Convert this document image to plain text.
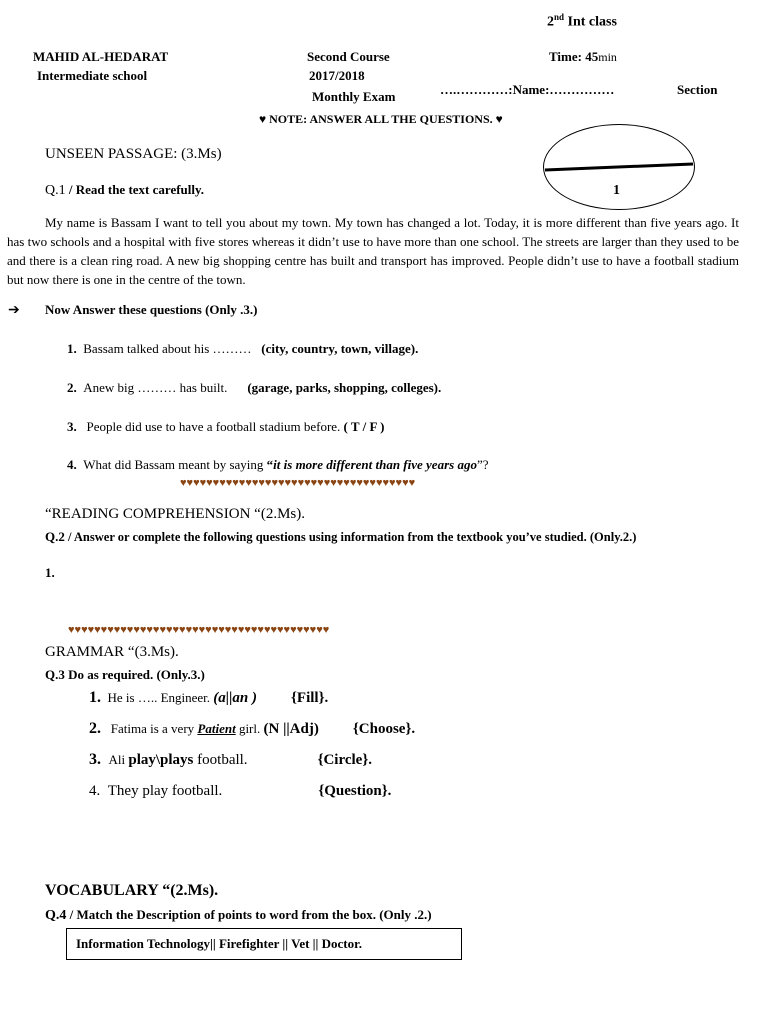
2nd Int class
MAHID AL-HEDARAT
Intermediate school
Second Course
2017/2018
Monthly Exam
Time: 45min
….…………:Name:……………	Section
♥ NOTE: ANSWER ALL THE QUESTIONS. ♥
1
UNSEEN PASSAGE: (3.Ms)
Q.1 / Read the text carefully.
My name is Bassam I want to tell you about my town. My town has changed a lot. Today, it is more different than five years ago. It has two schools and a hospital with five stores whereas it didn’t use to have more than one school. The streets are larger than they used to be and there is a clean ring road. A new big shopping centre has built and transport has improved. People didn’t use to have a football stadium but now there is one in the centre of the town.
➔ Now Answer these questions (Only .3.)
1. Bassam talked about his ……… (city, country, town, village).
2. Anew big ……… has built. (garage, parks, shopping, colleges).
3. People did use to have a football stadium before. ( T / F )
4. What did Bassam meant by saying “it is more different than five years ago”?
♥♥♥♥♥♥♥♥♥♥♥♥♥♥♥♥♥♥♥♥♥♥♥♥♥♥♥♥♥♥♥♥♥♥♥♥
“READING COMPREHENSION “(2.Ms).
Q.2 / Answer or complete the following questions using information from the textbook you’ve studied. (Only.2.)
1.
♥♥♥♥♥♥♥♥♥♥♥♥♥♥♥♥♥♥♥♥♥♥♥♥♥♥♥♥♥♥♥♥♥♥♥♥♥♥♥♥
GRAMMAR “(3.Ms).
Q.3 Do as required. (Only.3.)
1. He is ….. Engineer. (a||an ) {Fill}.
2. Fatima is a very Patient girl. (N ||Adj) {Choose}.
3. Ali play\plays football.	{Circle}.
4. They play football.	{Question}.
VOCABULARY “(2.Ms).
Q.4 / Match the Description of points to word from the box. (Only .2.)
Information Technology|| Firefighter || Vet || Doctor.
